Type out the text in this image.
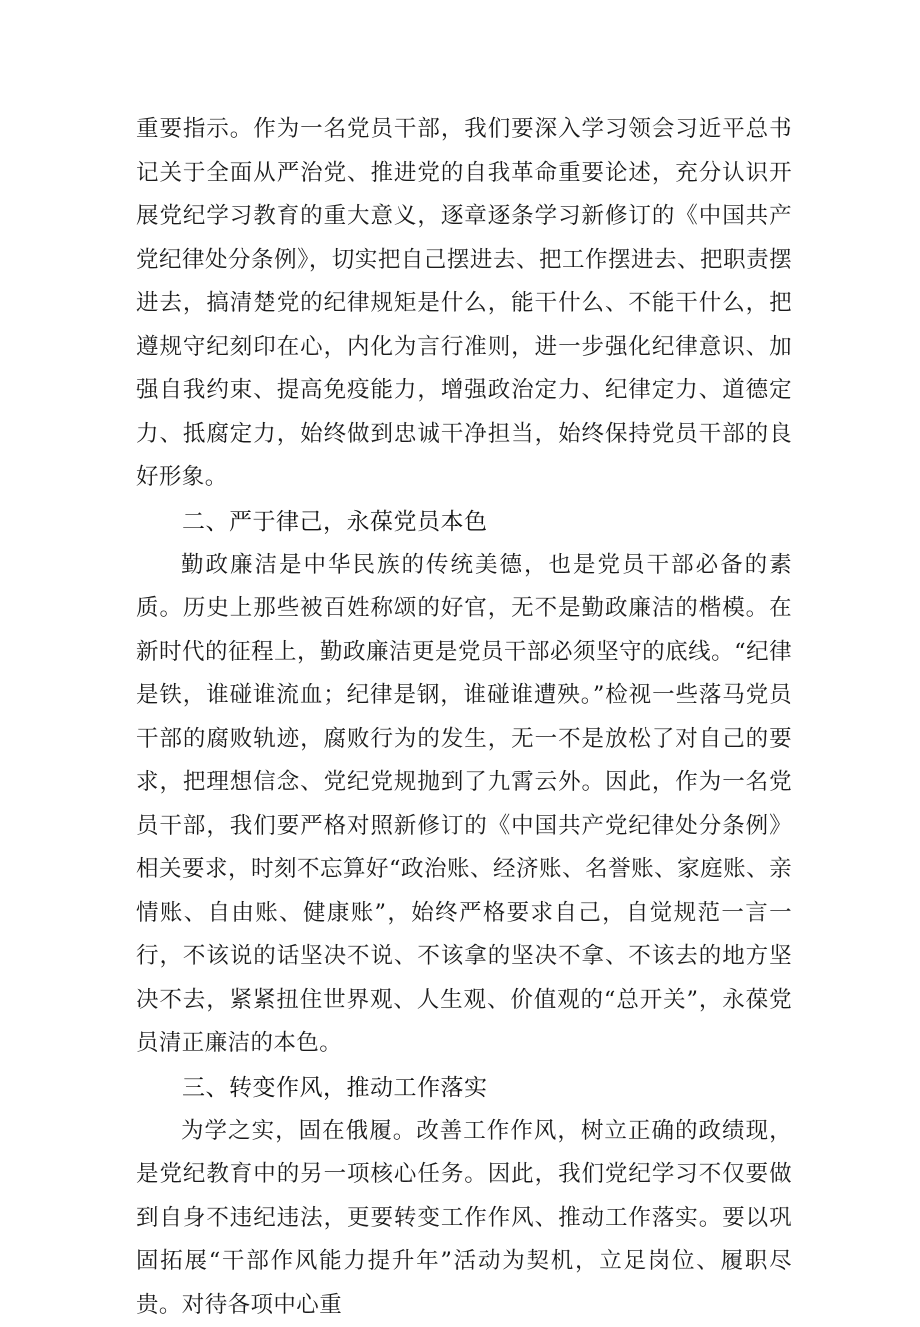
重要指示。作为一名党员干部，我们要深入学习领会习近平总书记关于全面从严治党、推进党的自我革命重要论述，充分认识开展党纪学习教育的重大意义，逐章逐条学习新修订的《中国共产党纪律处分条例》，切实把自己摆进去、把工作摆进去、把职责摆进去，搞清楚党的纪律规矩是什么，能干什么、不能干什么，把遵规守纪刻印在心，内化为言行准则，进一步强化纪律意识、加强自我约束、提高免疫能力，增强政治定力、纪律定力、道德定力、抵腐定力，始终做到忠诚干净担当，始终保持党员干部的良好形象。

二、严于律己，永葆党员本色

勤政廉洁是中华民族的传统美德，也是党员干部必备的素质。历史上那些被百姓称颂的好官，无不是勤政廉洁的楷模。在新时代的征程上，勤政廉洁更是党员干部必须坚守的底线。“纪律是铁，谁碰谁流血；纪律是钢，谁碰谁遭殃。”检视一些落马党员干部的腐败轨迹，腐败行为的发生，无一不是放松了对自己的要求，把理想信念、党纪党规抛到了九霄云外。因此，作为一名党员干部，我们要严格对照新修订的《中国共产党纪律处分条例》相关要求，时刻不忘算好“政治账、经济账、名誉账、家庭账、亲情账、自由账、健康账”，始终严格要求自己，自觉规范一言一行，不该说的话坚决不说、不该拿的坚决不拿、不该去的地方坚决不去，紧紧扭住世界观、人生观、价值观的“总开关”，永葆党员清正廉洁的本色。

三、转变作风，推动工作落实

为学之实，固在俄履。改善工作作风，树立正确的政绩现，是党纪教育中的另一项核心任务。因此，我们党纪学习不仅要做到自身不违纪违法，更要转变工作作风、推动工作落实。要以巩固拓展“干部作风能力提升年”活动为契机，立足岗位、履职尽贵。对待各项中心重
